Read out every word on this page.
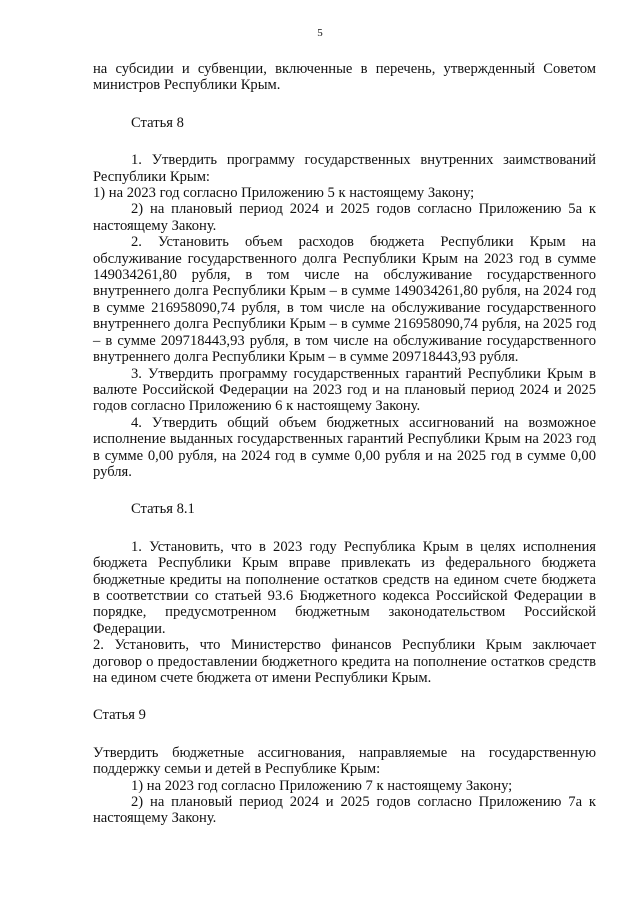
5

на субсидии и субвенции, включенные в перечень, утвержденный Советом министров Республики Крым.

Статья 8

1. Утвердить программу государственных внутренних заимствований Республики Крым:

1) на 2023 год согласно Приложению 5 к настоящему Закону;

2) на плановый период 2024 и 2025 годов согласно Приложению 5а к настоящему Закону.

2. Установить объем расходов бюджета Республики Крым на обслуживание государственного долга Республики Крым на 2023 год в сумме 149034261,80 рубля, в том числе на обслуживание государственного внутреннего долга Республики Крым – в сумме 149034261,80 рубля, на 2024 год в сумме 216958090,74 рубля, в том числе на обслуживание государственного внутреннего долга Республики Крым – в сумме 216958090,74 рубля, на 2025 год – в сумме 209718443,93 рубля, в том числе на обслуживание государственного внутреннего долга Республики Крым – в сумме 209718443,93 рубля.

3. Утвердить программу государственных гарантий Республики Крым в валюте Российской Федерации на 2023 год и на плановый период 2024 и 2025 годов согласно Приложению 6 к настоящему Закону.

4. Утвердить общий объем бюджетных ассигнований на возможное исполнение выданных государственных гарантий Республики Крым на 2023 год в сумме 0,00 рубля, на 2024 год в сумме 0,00 рубля и на 2025 год в сумме 0,00 рубля.

Статья 8.1

1. Установить, что в 2023 году Республика Крым в целях исполнения бюджета Республики Крым вправе привлекать из федерального бюджета бюджетные кредиты на пополнение остатков средств на едином счете бюджета в соответствии со статьей 93.6 Бюджетного кодекса Российской Федерации в порядке, предусмотренном бюджетным законодательством Российской Федерации.

2. Установить, что Министерство финансов Республики Крым заключает договор о предоставлении бюджетного кредита на пополнение остатков средств на едином счете бюджета от имени Республики Крым.

Статья 9

Утвердить бюджетные ассигнования, направляемые на государственную поддержку семьи и детей в Республике Крым:

1) на 2023 год согласно Приложению 7 к настоящему Закону;

2) на плановый период 2024 и 2025 годов согласно Приложению 7а к настоящему Закону.
